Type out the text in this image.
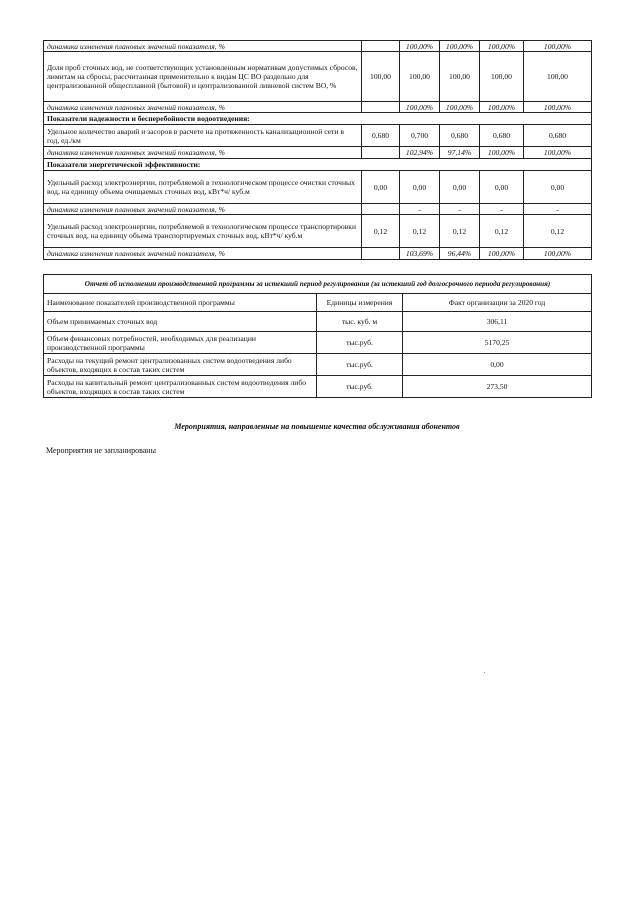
динамика изменения плановых значений показателя, %		100,00%	100,00%	100,00%	100,00%
Доля проб сточных вод, не соответствующих установленным нормативам допустимых сбросов, лимитам на сбросы, рассчитанная применительно к видам ЦС ВО раздельно для централизованной общесплавной (бытовой) и централизованной ливневой систем ВО, %	100,00	100,00	100,00	100,00	100,00
динамика изменения плановых значений показателя, %		100,00%	100,00%	100,00%	100,00%
Показатели надежности и бесперебойности водоотведения:					
Удельное количество аварий и засоров в расчете на протяженность канализационной сети в год, ед./км	0,680	0,700	0,680	0,680	0,680
динамика изменения плановых значений показателя, %		102,94%	97,14%	100,00%	100,00%
Показатели энергетической эффективности:					
Удельный расход электроэнергии, потребляемой в технологическом процессе очистки сточных вод, на единицу объема очищаемых сточных вод, кВт*ч/ куб.м	0,00	0,00	0,00	0,00	0,00
динамика изменения плановых значений показателя, %		-	-	-	-
Удельный расход электроэнергии, потребляемой в технологическом процессе транспортировки сточных вод, на единицу объема транспортируемых сточных вод, кВт*ч/ куб.м	0,12	0,12	0,12	0,12	0,12
динамика изменения плановых значений показателя, %		103,69%	96,44%	100,00%	100,00%
Отчет об исполнении производственной программы за истекший период регулирования (за истекший год долгосрочного периода регулирования)		
Наименование показателей производственной программы	Единицы измерения	Факт организации за 2020 год
Объем принимаемых сточных вод	тыс. куб. м	306,11
Объем финансовых потребностей, необходимых для реализации производственной программы	тыс.руб.	5170,25
Расходы на текущий ремонт централизованных систем водоотведения либо объектов, входящих в состав таких систем	тыс.руб.	0,00
Расходы на капитальный ремонт централизованных систем водоотведения либо объектов, входящих в состав таких систем	тыс.руб.	273,50
Мероприятия, направленные на повышение качества обслуживания абонентов
Мероприятия не запланированы
